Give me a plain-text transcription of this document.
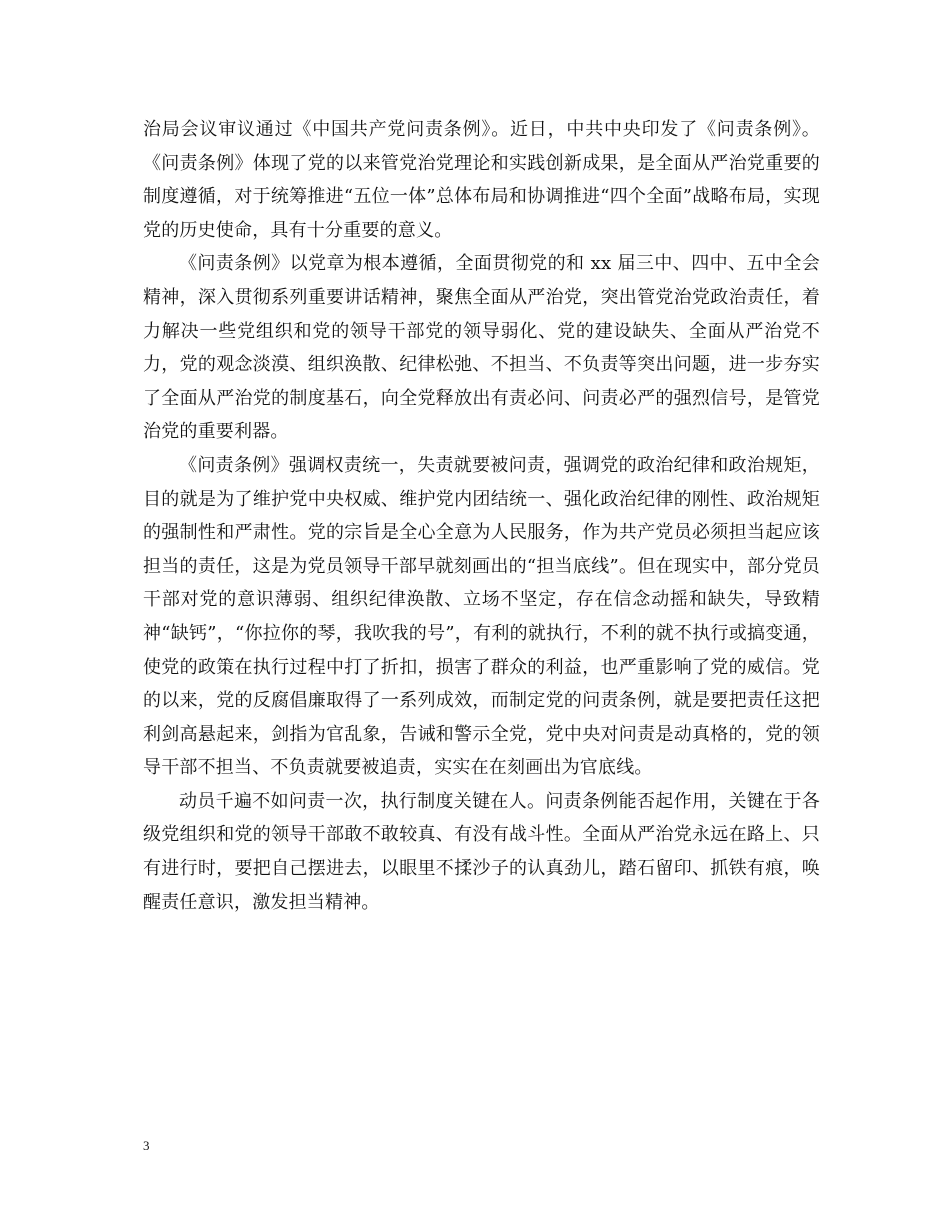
治局会议审议通过《中国共产党问责条例》。近日，中共中央印发了《问责条例》。《问责条例》体现了党的以来管党治党理论和实践创新成果，是全面从严治党重要的制度遵循，对于统筹推进“五位一体”总体布局和协调推进“四个全面”战略布局，实现党的历史使命，具有十分重要的意义。

《问责条例》以党章为根本遵循，全面贯彻党的和 xx 届三中、四中、五中全会精神，深入贯彻系列重要讲话精神，聚焦全面从严治党，突出管党治党政治责任，着力解决一些党组织和党的领导干部党的领导弱化、党的建设缺失、全面从严治党不力，党的观念淡漠、组织涣散、纪律松弛、不担当、不负责等突出问题，进一步夯实了全面从严治党的制度基石，向全党释放出有责必问、问责必严的强烈信号，是管党治党的重要利器。

《问责条例》强调权责统一，失责就要被问责，强调党的政治纪律和政治规矩，目的就是为了维护党中央权威、维护党内团结统一、强化政治纪律的刚性、政治规矩的强制性和严肃性。党的宗旨是全心全意为人民服务，作为共产党员必须担当起应该担当的责任，这是为党员领导干部早就刻画出的“担当底线”。但在现实中，部分党员干部对党的意识薄弱、组织纪律涣散、立场不坚定，存在信念动摇和缺失，导致精神“缺钙”，“你拉你的琴，我吹我的号”，有利的就执行，不利的就不执行或搞变通，使党的政策在执行过程中打了折扣，损害了群众的利益，也严重影响了党的威信。党的以来，党的反腐倡廉取得了一系列成效，而制定党的问责条例，就是要把责任这把利剑高悬起来，剑指为官乱象，告诫和警示全党，党中央对问责是动真格的，党的领导干部不担当、不负责就要被追责，实实在在刻画出为官底线。

动员千遍不如问责一次，执行制度关键在人。问责条例能否起作用，关键在于各级党组织和党的领导干部敢不敢较真、有没有战斗性。全面从严治党永远在路上、只有进行时，要把自己摆进去，以眼里不揉沙子的认真劲儿，踏石留印、抓铁有痕，唤醒责任意识，激发担当精神。

3
